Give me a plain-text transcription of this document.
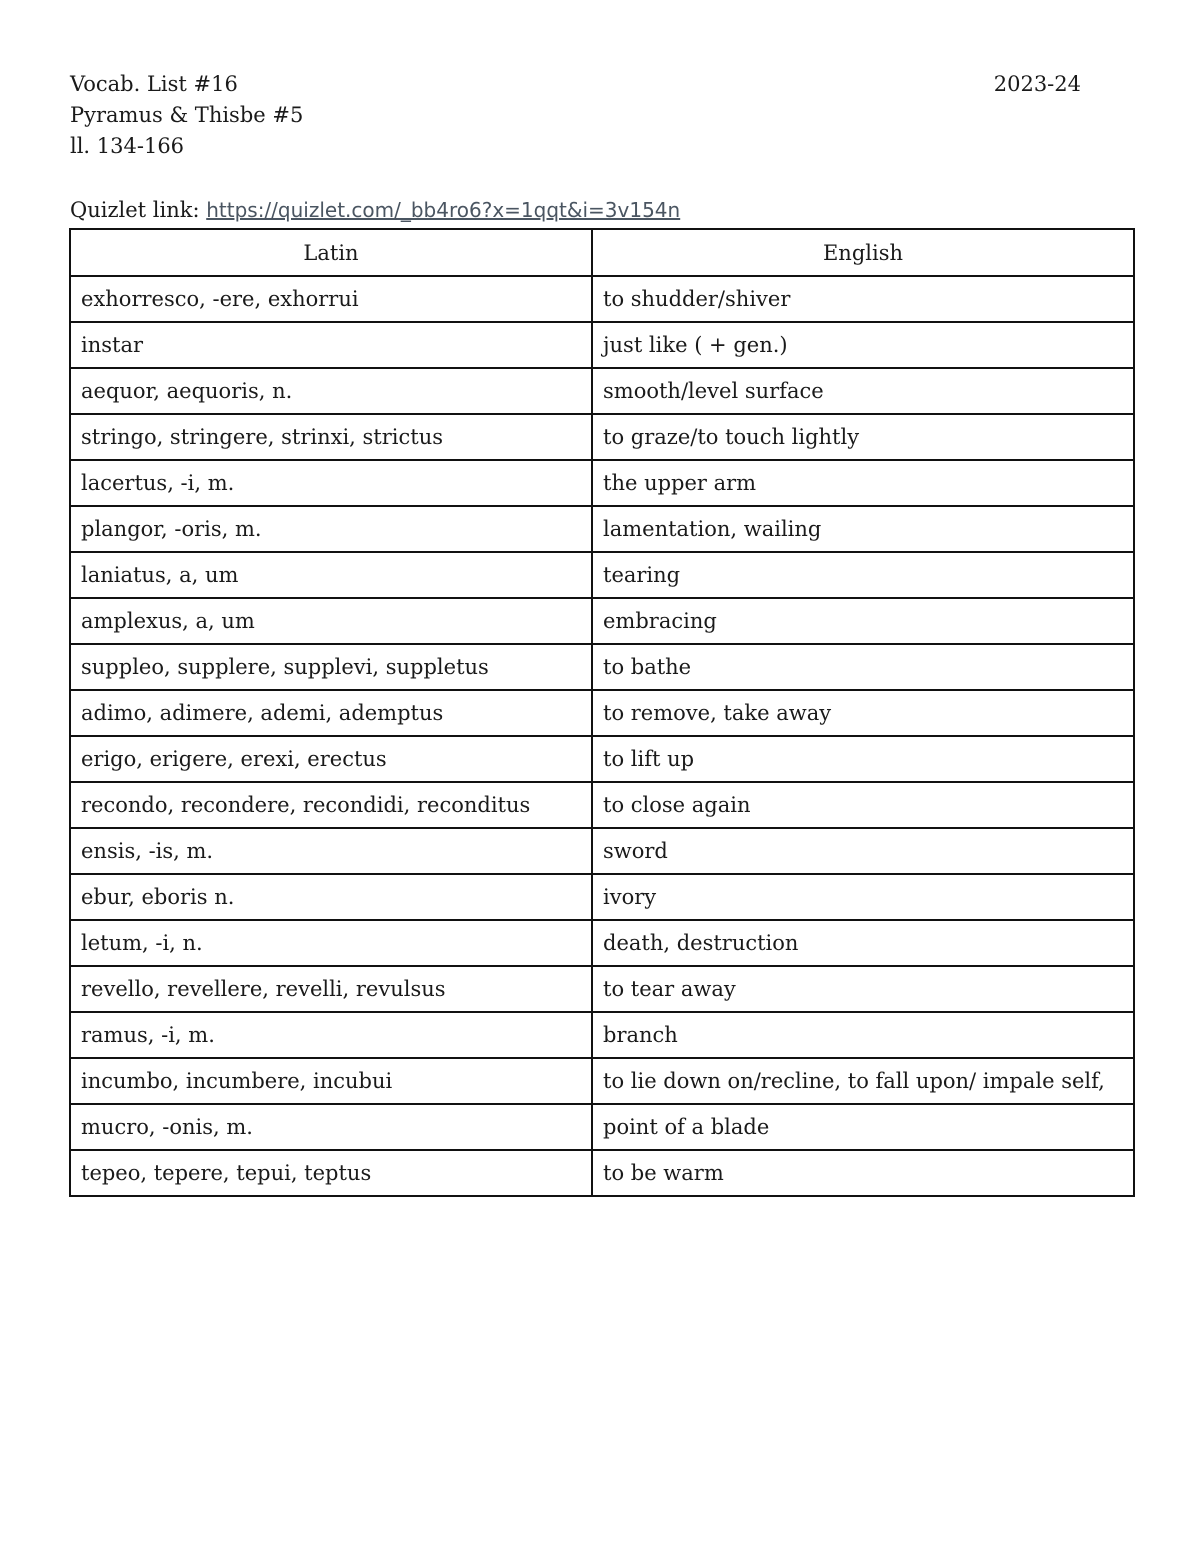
Vocab. List #16	2023-24
Pyramus & Thisbe #5
ll. 134-166
Quizlet link: https://quizlet.com/_bb4ro6?x=1qqt&i=3v154n
Latin	English
exhorresco, -ere, exhorrui	to shudder/shiver
instar	just like ( + gen.)
aequor, aequoris, n.	smooth/level surface
stringo, stringere, strinxi, strictus	to graze/to touch lightly
lacertus, -i, m.	the upper arm
plangor, -oris, m.	lamentation, wailing
laniatus, a, um	tearing
amplexus, a, um	embracing
suppleo, supplere, supplevi, suppletus	to bathe
adimo, adimere, ademi, ademptus	to remove, take away
erigo, erigere, erexi, erectus	to lift up
recondo, recondere, recondidi, reconditus	to close again
ensis, -is, m.	sword
ebur, eboris n.	ivory
letum, -i, n.	death, destruction
revello, revellere, revelli, revulsus	to tear away
ramus, -i, m.	branch
incumbo, incumbere, incubui	to lie down on/recline, to fall upon/ impale self,
mucro, -onis, m.	point of a blade
tepeo, tepere, tepui, teptus	to be warm
